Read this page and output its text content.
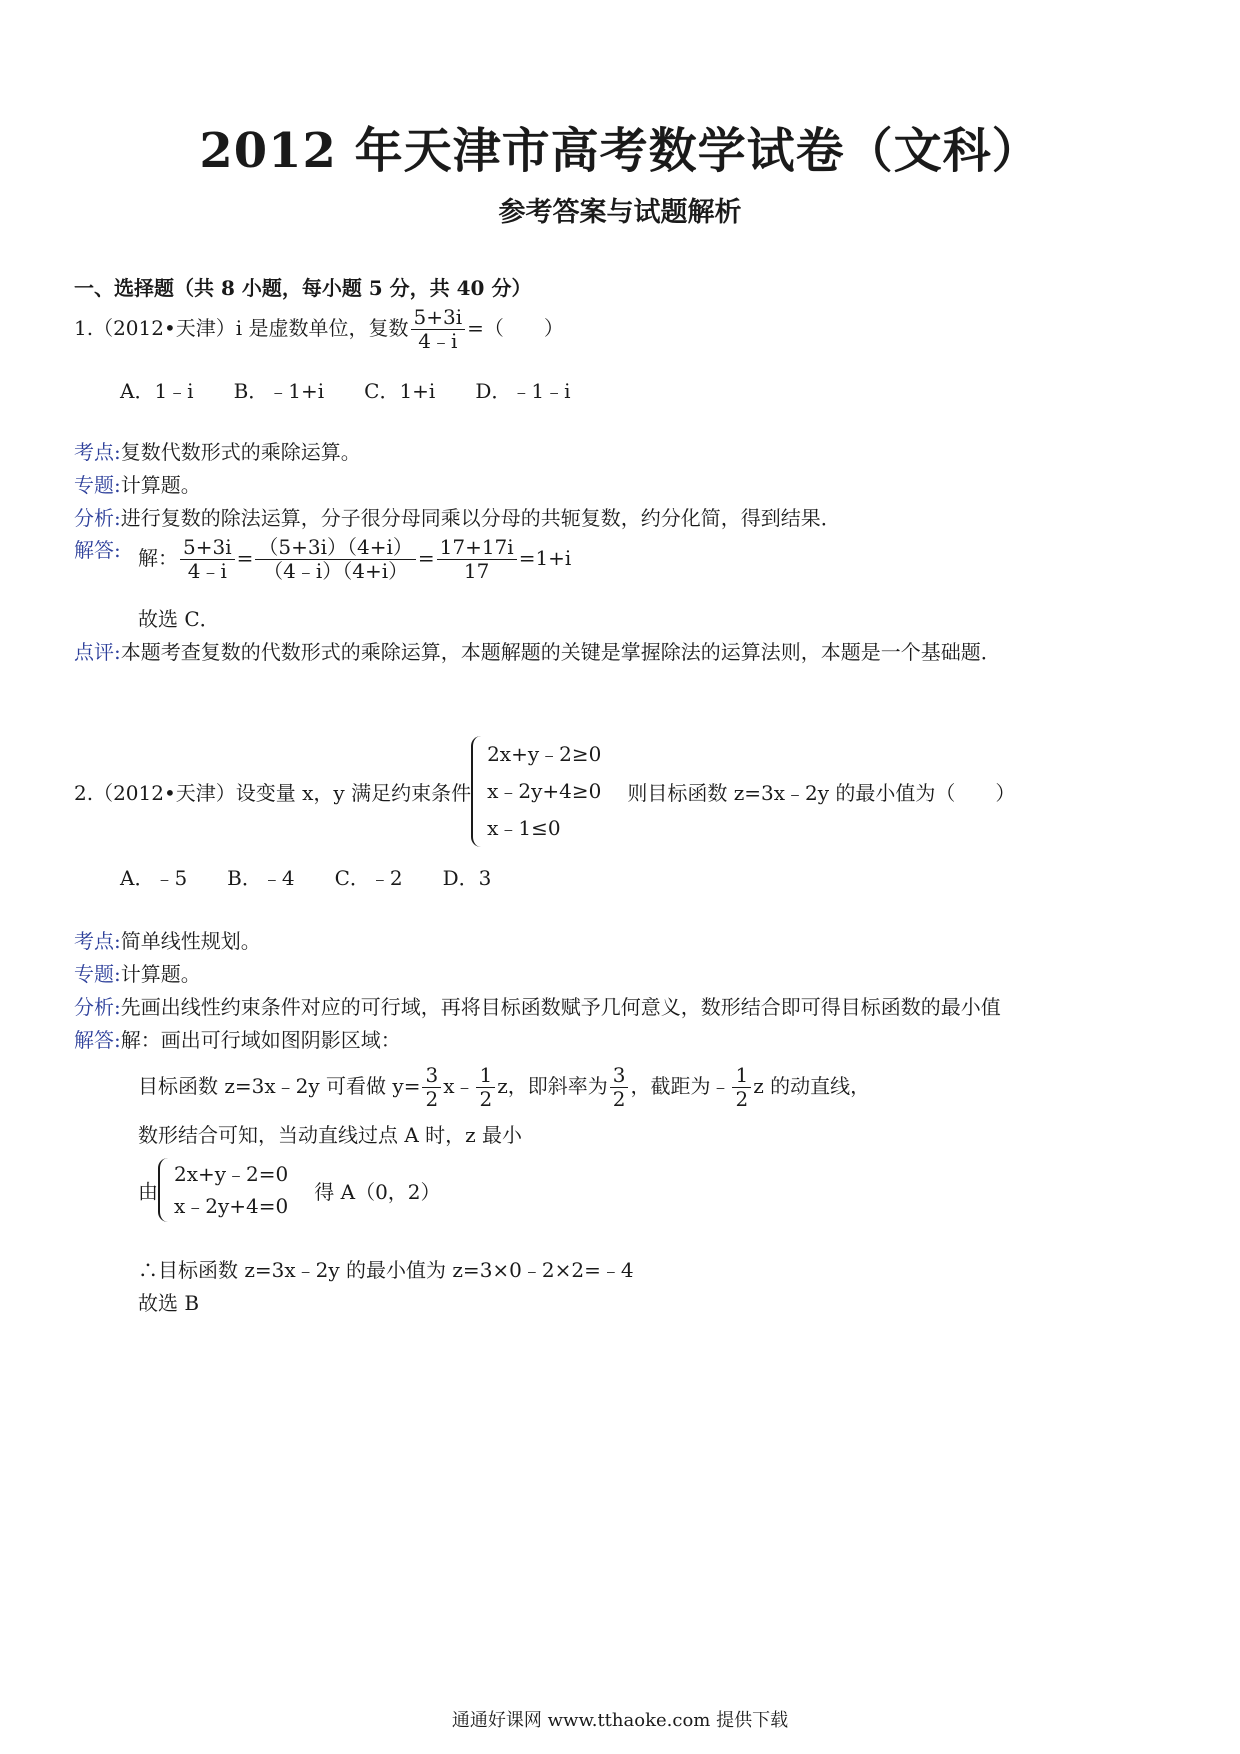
2012 年天津市高考数学试卷（文科）
参考答案与试题解析
一、选择题（共 8 小题，每小题 5 分，共 40 分）
1.（2012•天津）i 是虚数单位，复数 $\frac{5+3i}{4﹣i}$ =（　　）
A．1﹣i　　B．﹣1+i　　C．1+i　　D．﹣1﹣i
考点:复数代数形式的乘除运算。
专题:计算题。
分析:进行复数的除法运算，分子很分母同乘以分母的共轭复数，约分化简，得到结果．
解答: 解： $\frac{5+3i}{4﹣i} = \frac{(5+3i)(4+i)}{(4﹣i)(4+i)} = \frac{17+17i}{17} =1+i$
故选 C．
点评:本题考查复数的代数形式的乘除运算，本题解题的关键是掌握除法的运算法则，本题是一个基础题．
2.（2012•天津）设变量 x，y 满足约束条件
2x+y﹣2≥0
x﹣2y+4≥0
x﹣1≤0
则目标函数 z=3x﹣2y 的最小值为（　　）
A．﹣5　　B．﹣4　　C．﹣2　　D．3
考点:简单线性规划。
专题:计算题。
分析:先画出线性约束条件对应的可行域，再将目标函数赋予几何意义，数形结合即可得目标函数的最小值
解答:解：画出可行域如图阴影区域：
目标函数 z=3x﹣2y 可看做 $y= \frac{3}{2}$ x﹣ $\frac{1}{2}$ z，即斜率为 $\frac{3}{2}$ ，截距为﹣ $\frac{1}{2}$ z 的动直线，
数形结合可知，当动直线过点 A 时，z 最小
由
2x+y﹣2=0
x﹣2y+4=0
得 A（0，2）
∴目标函数 z=3x﹣2y 的最小值为 z=3×0﹣2×2=﹣4
故选 B
通通好课网 www.tthaoke.com 提供下载
